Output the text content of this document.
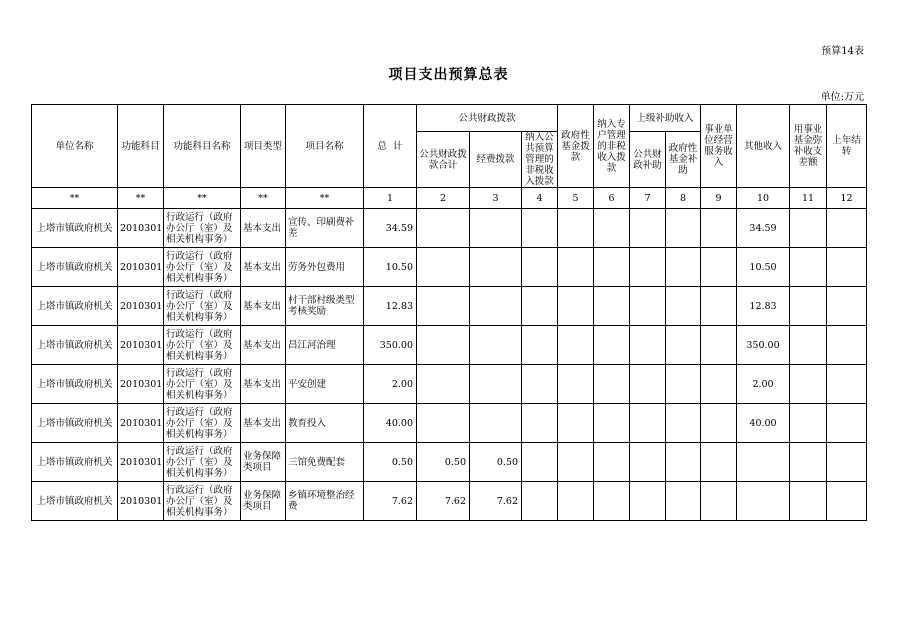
预算14表
项目支出预算总表
单位:万元
单位名称	功能科目	功能科目名称	项目类型	项目名称	总  计	公共财政拨款			政府性基金拨款	纳入专户管理的非税收入拨款	上级补助收入		事业单位经营服务收入	其他收入	用事业基金弥补收支差额	上年结转
						公共财政拨款合计	经费拨款	纳入公共预算管理的非税收入拨款			公共财政补助	政府性基金补助				
**	**	**	**	**	1	2	3	4	5	6	7	8	9	10	11	12
上塔市镇政府机关	2010301	行政运行（政府办公厅（室）及相关机构事务）	基本支出	宣传、印刷费补差	34.59									34.59		
上塔市镇政府机关	2010301	行政运行（政府办公厅（室）及相关机构事务）	基本支出	劳务外包费用	10.50									10.50		
上塔市镇政府机关	2010301	行政运行（政府办公厅（室）及相关机构事务）	基本支出	村干部村级类型考核奖励	12.83									12.83		
上塔市镇政府机关	2010301	行政运行（政府办公厅（室）及相关机构事务）	基本支出	昌江河治理	350.00									350.00		
上塔市镇政府机关	2010301	行政运行（政府办公厅（室）及相关机构事务）	基本支出	平安创建	2.00									2.00		
上塔市镇政府机关	2010301	行政运行（政府办公厅（室）及相关机构事务）	基本支出	教育投入	40.00									40.00		
上塔市镇政府机关	2010301	行政运行（政府办公厅（室）及相关机构事务）	业务保障类项目	三馆免费配套	0.50	0.50	0.50									
上塔市镇政府机关	2010301	行政运行（政府办公厅（室）及相关机构事务）	业务保障类项目	乡镇环境整治经费	7.62	7.62	7.62									
